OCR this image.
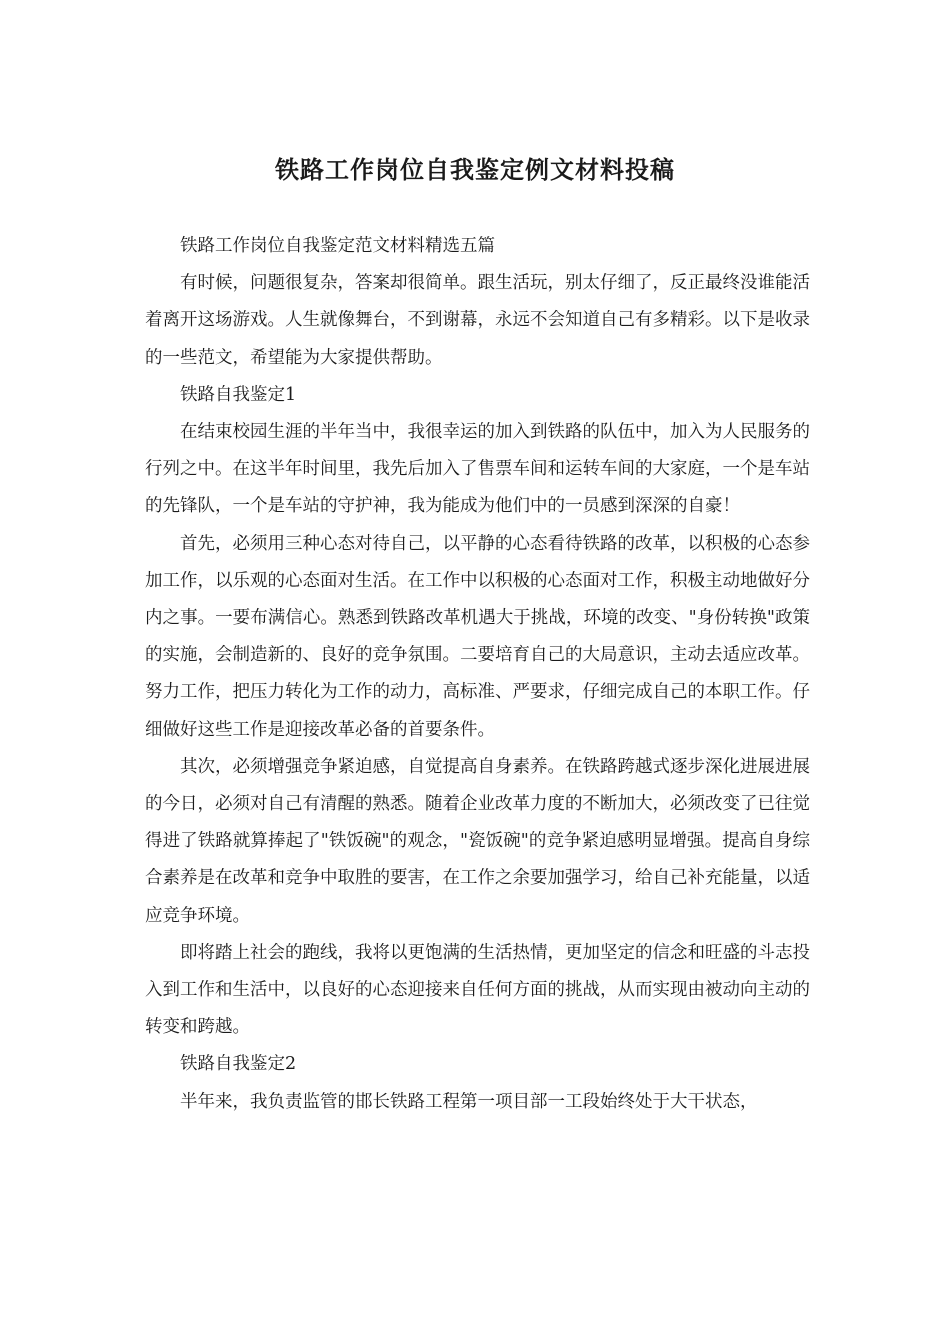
铁路工作岗位自我鉴定例文材料投稿

铁路工作岗位自我鉴定范文材料精选五篇

有时候，问题很复杂，答案却很简单。跟生活玩，别太仔细了，反正最终没谁能活着离开这场游戏。人生就像舞台，不到谢幕，永远不会知道自己有多精彩。以下是收录的一些范文，希望能为大家提供帮助。

铁路自我鉴定1

在结束校园生涯的半年当中，我很幸运的加入到铁路的队伍中，加入为人民服务的行列之中。在这半年时间里，我先后加入了售票车间和运转车间的大家庭，一个是车站的先锋队，一个是车站的守护神，我为能成为他们中的一员感到深深的自豪！

首先，必须用三种心态对待自己，以平静的心态看待铁路的改革，以积极的心态参加工作，以乐观的心态面对生活。在工作中以积极的心态面对工作，积极主动地做好分内之事。一要布满信心。熟悉到铁路改革机遇大于挑战，环境的改变、"身份转换"政策的实施，会制造新的、良好的竞争氛围。二要培育自己的大局意识，主动去适应改革。努力工作，把压力转化为工作的动力，高标准、严要求，仔细完成自己的本职工作。仔细做好这些工作是迎接改革必备的首要条件。

其次，必须增强竞争紧迫感，自觉提高自身素养。在铁路跨越式逐步深化进展进展的今日，必须对自己有清醒的熟悉。随着企业改革力度的不断加大，必须改变了已往觉得进了铁路就算捧起了"铁饭碗"的观念，"瓷饭碗"的竞争紧迫感明显增强。提高自身综合素养是在改革和竞争中取胜的要害，在工作之余要加强学习，给自己补充能量，以适应竞争环境。

即将踏上社会的跑线，我将以更饱满的生活热情，更加坚定的信念和旺盛的斗志投入到工作和生活中，以良好的心态迎接来自任何方面的挑战，从而实现由被动向主动的转变和跨越。

铁路自我鉴定2

半年来，我负责监管的邯长铁路工程第一项目部一工段始终处于大干状态，
